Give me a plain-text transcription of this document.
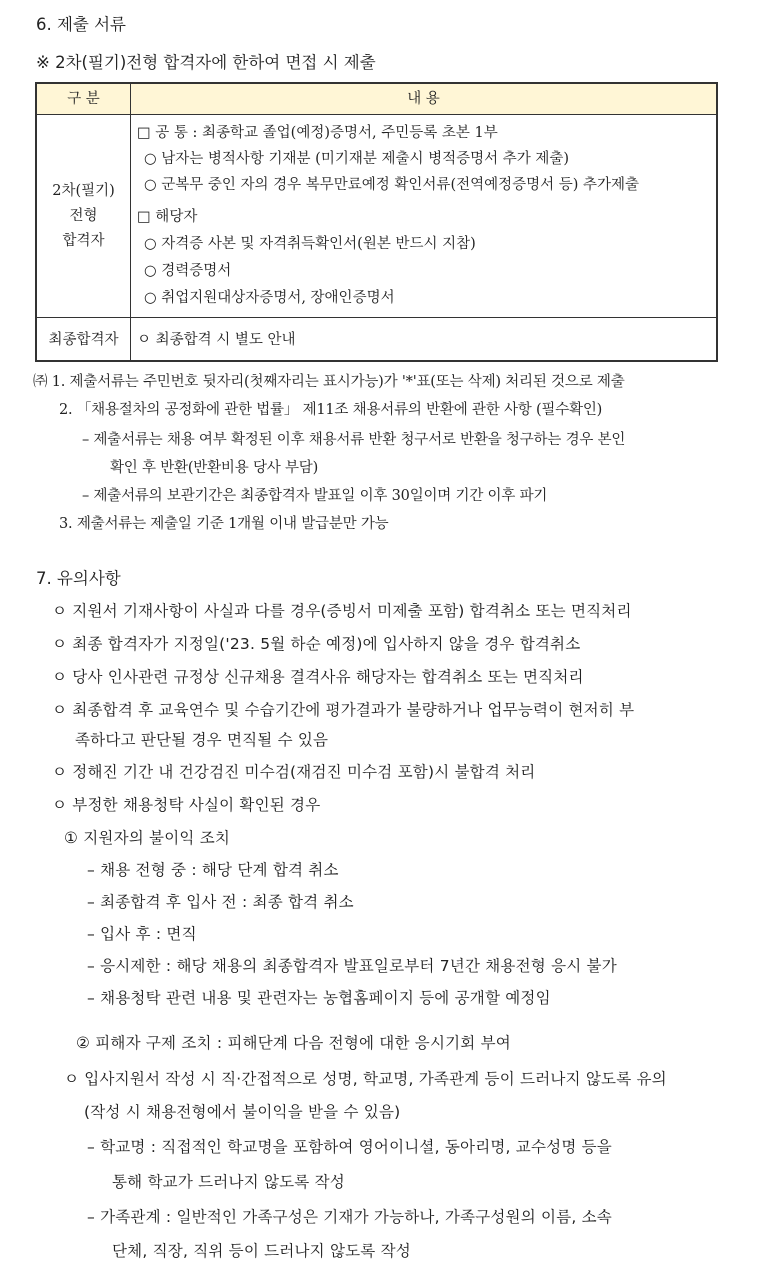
6. 제출 서류
※ 2차(필기)전형 합격자에 한하여 면접 시 제출
구 분	내 용
2차(필기)
전형
합격자
□ 공 통 : 최종학교 졸업(예정)증명서, 주민등록 초본 1부
○ 남자는 병적사항 기재분 (미기재분 제출시 병적증명서 추가 제출)
○ 군복무 중인 자의 경우 복무만료예정 확인서류(전역예정증명서 등) 추가제출
□ 해당자
○ 자격증 사본 및 자격취득확인서(원본 반드시 지참)
○ 경력증명서
○ 취업지원대상자증명서, 장애인증명서
최종합격자	ㅇ 최종합격 시 별도 안내
㈜ 1. 제출서류는 주민번호 뒷자리(첫째자리는 표시가능)가 '*'표(또는 삭제) 처리된 것으로 제출
2. 「채용절차의 공정화에 관한 법률」 제11조 채용서류의 반환에 관한 사항 (필수확인)
– 제출서류는 채용 여부 확정된 이후 채용서류 반환 청구서로 반환을 청구하는 경우 본인
확인 후 반환(반환비용 당사 부담)
– 제출서류의 보관기간은 최종합격자 발표일 이후 30일이며 기간 이후 파기
3. 제출서류는 제출일 기준 1개월 이내 발급분만 가능
7. 유의사항
ㅇ 지원서 기재사항이 사실과 다를 경우(증빙서 미제출 포함) 합격취소 또는 면직처리
ㅇ 최종 합격자가 지정일('23. 5월 하순 예정)에 입사하지 않을 경우 합격취소
ㅇ 당사 인사관련 규정상 신규채용 결격사유 해당자는 합격취소 또는 면직처리
ㅇ 최종합격 후 교육연수 및 수습기간에 평가결과가 불량하거나 업무능력이 현저히 부
족하다고 판단될 경우 면직될 수 있음
ㅇ 정해진 기간 내 건강검진 미수검(재검진 미수검 포함)시 불합격 처리
ㅇ 부정한 채용청탁 사실이 확인된 경우
① 지원자의 불이익 조치
– 채용 전형 중 : 해당 단계 합격 취소
– 최종합격 후 입사 전 : 최종 합격 취소
– 입사 후 : 면직
– 응시제한 : 해당 채용의 최종합격자 발표일로부터 7년간 채용전형 응시 불가
– 채용청탁 관련 내용 및 관련자는 농협홈페이지 등에 공개할 예정임
② 피해자 구제 조치 : 피해단계 다음 전형에 대한 응시기회 부여
ㅇ 입사지원서 작성 시 직·간접적으로 성명, 학교명, 가족관계 등이 드러나지 않도록 유의
(작성 시 채용전형에서 불이익을 받을 수 있음)
– 학교명 : 직접적인 학교명을 포함하여 영어이니셜, 동아리명, 교수성명 등을
통해 학교가 드러나지 않도록 작성
– 가족관계 : 일반적인 가족구성은 기재가 가능하나, 가족구성원의 이름, 소속
단체, 직장, 직위 등이 드러나지 않도록 작성
